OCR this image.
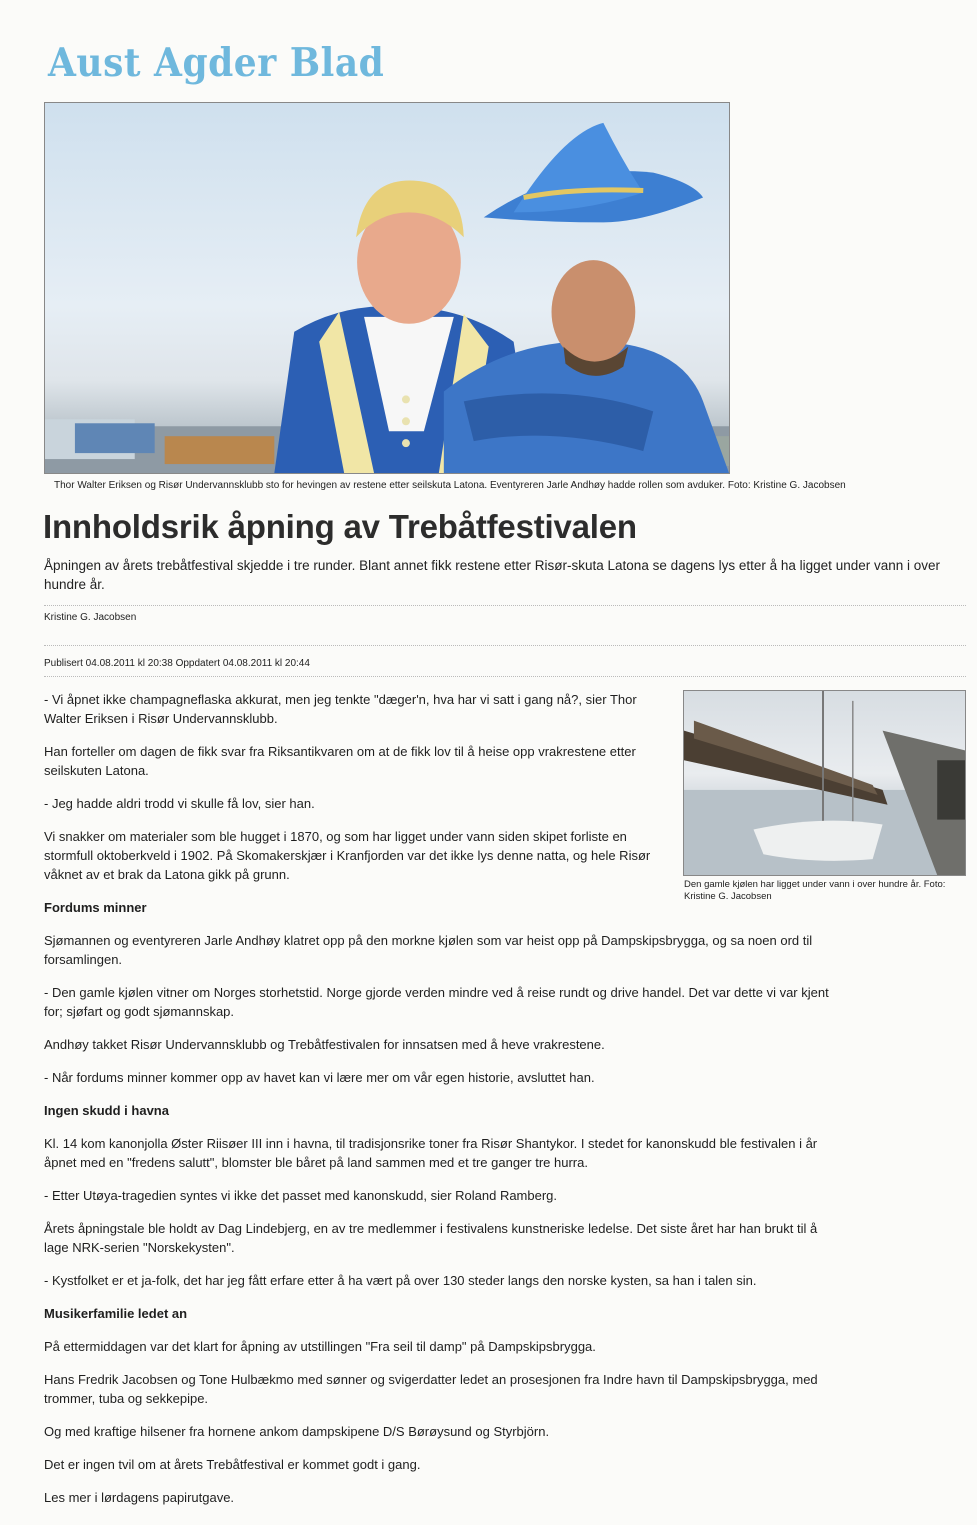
Aust Agder Blad
Thor Walter Eriksen og Risør Undervannsklubb sto for hevingen av restene etter seilskuta Latona. Eventyreren Jarle Andhøy hadde rollen som avduker. Foto: Kristine G. Jacobsen
Innholdsrik åpning av Trebåtfestivalen

Åpningen av årets trebåtfestival skjedde i tre runder. Blant annet fikk restene etter Risør-skuta Latona se dagens lys etter å ha ligget under vann i over hundre år.

Kristine G. Jacobsen
Publisert 04.08.2011 kl 20:38 Oppdatert 04.08.2011 kl 20:44

- Vi åpnet ikke champagneflaska akkurat, men jeg tenkte "dæger'n, hva har vi satt i gang nå?, sier Thor Walter Eriksen i Risør Undervannsklubb.

Han forteller om dagen de fikk svar fra Riksantikvaren om at de fikk lov til å heise opp vrakrestene etter seilskuten Latona.

- Jeg hadde aldri trodd vi skulle få lov, sier han.

Vi snakker om materialer som ble hugget i 1870, og som har ligget under vann siden skipet forliste en stormfull oktoberkveld i 1902. På Skomakerskjær i Kranfjorden var det ikke lys denne natta, og hele Risør våknet av et brak da Latona gikk på grunn.

Den gamle kjølen har ligget under vann i over hundre år. Foto: Kristine G. Jacobsen

Fordums minner

Sjømannen og eventyreren Jarle Andhøy klatret opp på den morkne kjølen som var heist opp på Dampskipsbrygga, og sa noen ord til forsamlingen.

- Den gamle kjølen vitner om Norges storhetstid. Norge gjorde verden mindre ved å reise rundt og drive handel. Det var dette vi var kjent for; sjøfart og godt sjømannskap.

Andhøy takket Risør Undervannsklubb og Trebåtfestivalen for innsatsen med å heve vrakrestene.

- Når fordums minner kommer opp av havet kan vi lære mer om vår egen historie, avsluttet han.

Ingen skudd i havna

Kl. 14 kom kanonjolla Øster Riisøer III inn i havna, til tradisjonsrike toner fra Risør Shantykor. I stedet for kanonskudd ble festivalen i år åpnet med en "fredens salutt", blomster ble båret på land sammen med et tre ganger tre hurra.

- Etter Utøya-tragedien syntes vi ikke det passet med kanonskudd, sier Roland Ramberg.

Årets åpningstale ble holdt av Dag Lindebjerg, en av tre medlemmer i festivalens kunstneriske ledelse. Det siste året har han brukt til å lage NRK-serien "Norskekysten".

- Kystfolket er et ja-folk, det har jeg fått erfare etter å ha vært på over 130 steder langs den norske kysten, sa han i talen sin.

Musikerfamilie ledet an

På ettermiddagen var det klart for åpning av utstillingen "Fra seil til damp" på Dampskipsbrygga.

Hans Fredrik Jacobsen og Tone Hulbækmo med sønner og svigerdatter ledet an prosesjonen fra Indre havn til Dampskipsbrygga, med trommer, tuba og sekkepipe.

Og med kraftige hilsener fra hornene ankom dampskipene D/S Børøysund og Styrbjörn.

Det er ingen tvil om at årets Trebåtfestival er kommet godt i gang.

Les mer i lørdagens papirutgave.
